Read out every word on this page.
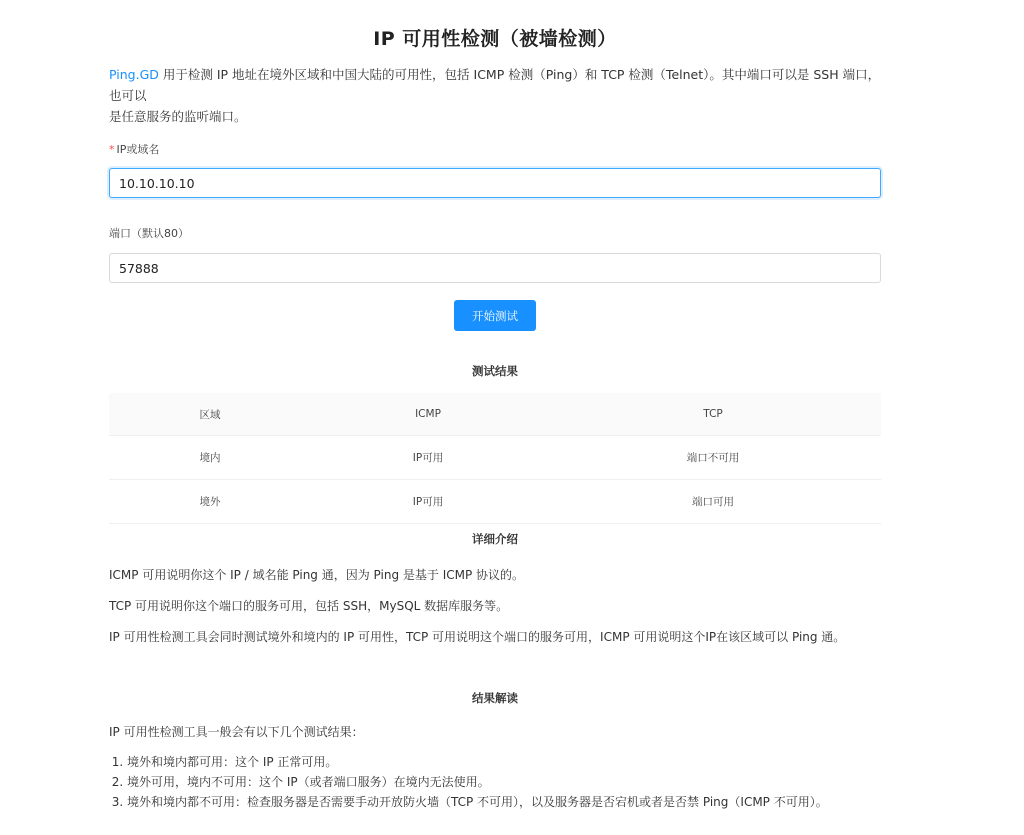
IP 可用性检测（被墙检测）
Ping.GD 用于检测 IP 地址在境外区域和中国大陆的可用性，包括 ICMP 检测（Ping）和 TCP 检测（Telnet）。其中端口可以是 SSH 端口，也可以
是任意服务的监听端口。
* IP或域名
10.10.10.10
端口（默认80）
57888
开始测试
测试结果
区域	ICMP	TCP
境内	IP可用	端口不可用
境外	IP可用	端口可用
详细介绍
ICMP 可用说明你这个 IP / 域名能 Ping 通，因为 Ping 是基于 ICMP 协议的。
TCP 可用说明你这个端口的服务可用，包括 SSH，MySQL 数据库服务等。
IP 可用性检测工具会同时测试境外和境内的 IP 可用性，TCP 可用说明这个端口的服务可用，ICMP 可用说明这个IP在该区域可以 Ping 通。
结果解读
IP 可用性检测工具一般会有以下几个测试结果：
1. 境外和境内都可用：这个 IP 正常可用。
2. 境外可用，境内不可用：这个 IP（或者端口服务）在境内无法使用。
3. 境外和境内都不可用：检查服务器是否需要手动开放防火墙（TCP 不可用），以及服务器是否宕机或者是否禁 Ping（ICMP 不可用）。
